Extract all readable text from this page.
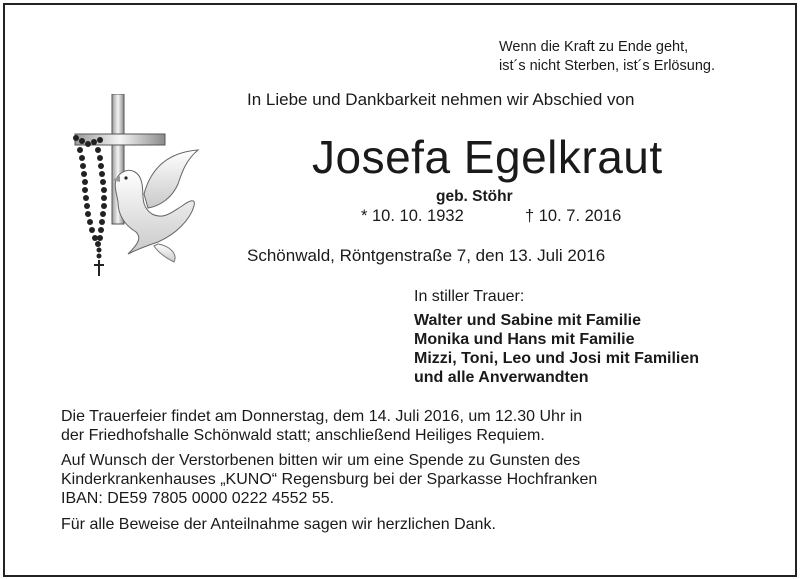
Wenn die Kraft zu Ende geht,
ist´s nicht Sterben, ist´s Erlösung.
In Liebe und Dankbarkeit nehmen wir Abschied von
Josefa Egelkraut
geb. Stöhr
* 10. 10. 1932	† 10. 7. 2016
Schönwald, Röntgenstraße 7, den 13. Juli 2016
In stiller Trauer:
Walter und Sabine mit Familie
Monika und Hans mit Familie
Mizzi, Toni, Leo und Josi mit Familien
und alle Anverwandten
Die Trauerfeier findet am Donnerstag, dem 14. Juli 2016, um 12.30 Uhr in
der Friedhofshalle Schönwald statt; anschließend Heiliges Requiem.
Auf Wunsch der Verstorbenen bitten wir um eine Spende zu Gunsten des
Kinderkrankenhauses „KUNO“ Regensburg bei der Sparkasse Hochfranken
IBAN: DE59 7805 0000 0222 4552 55.
Für alle Beweise der Anteilnahme sagen wir herzlichen Dank.
